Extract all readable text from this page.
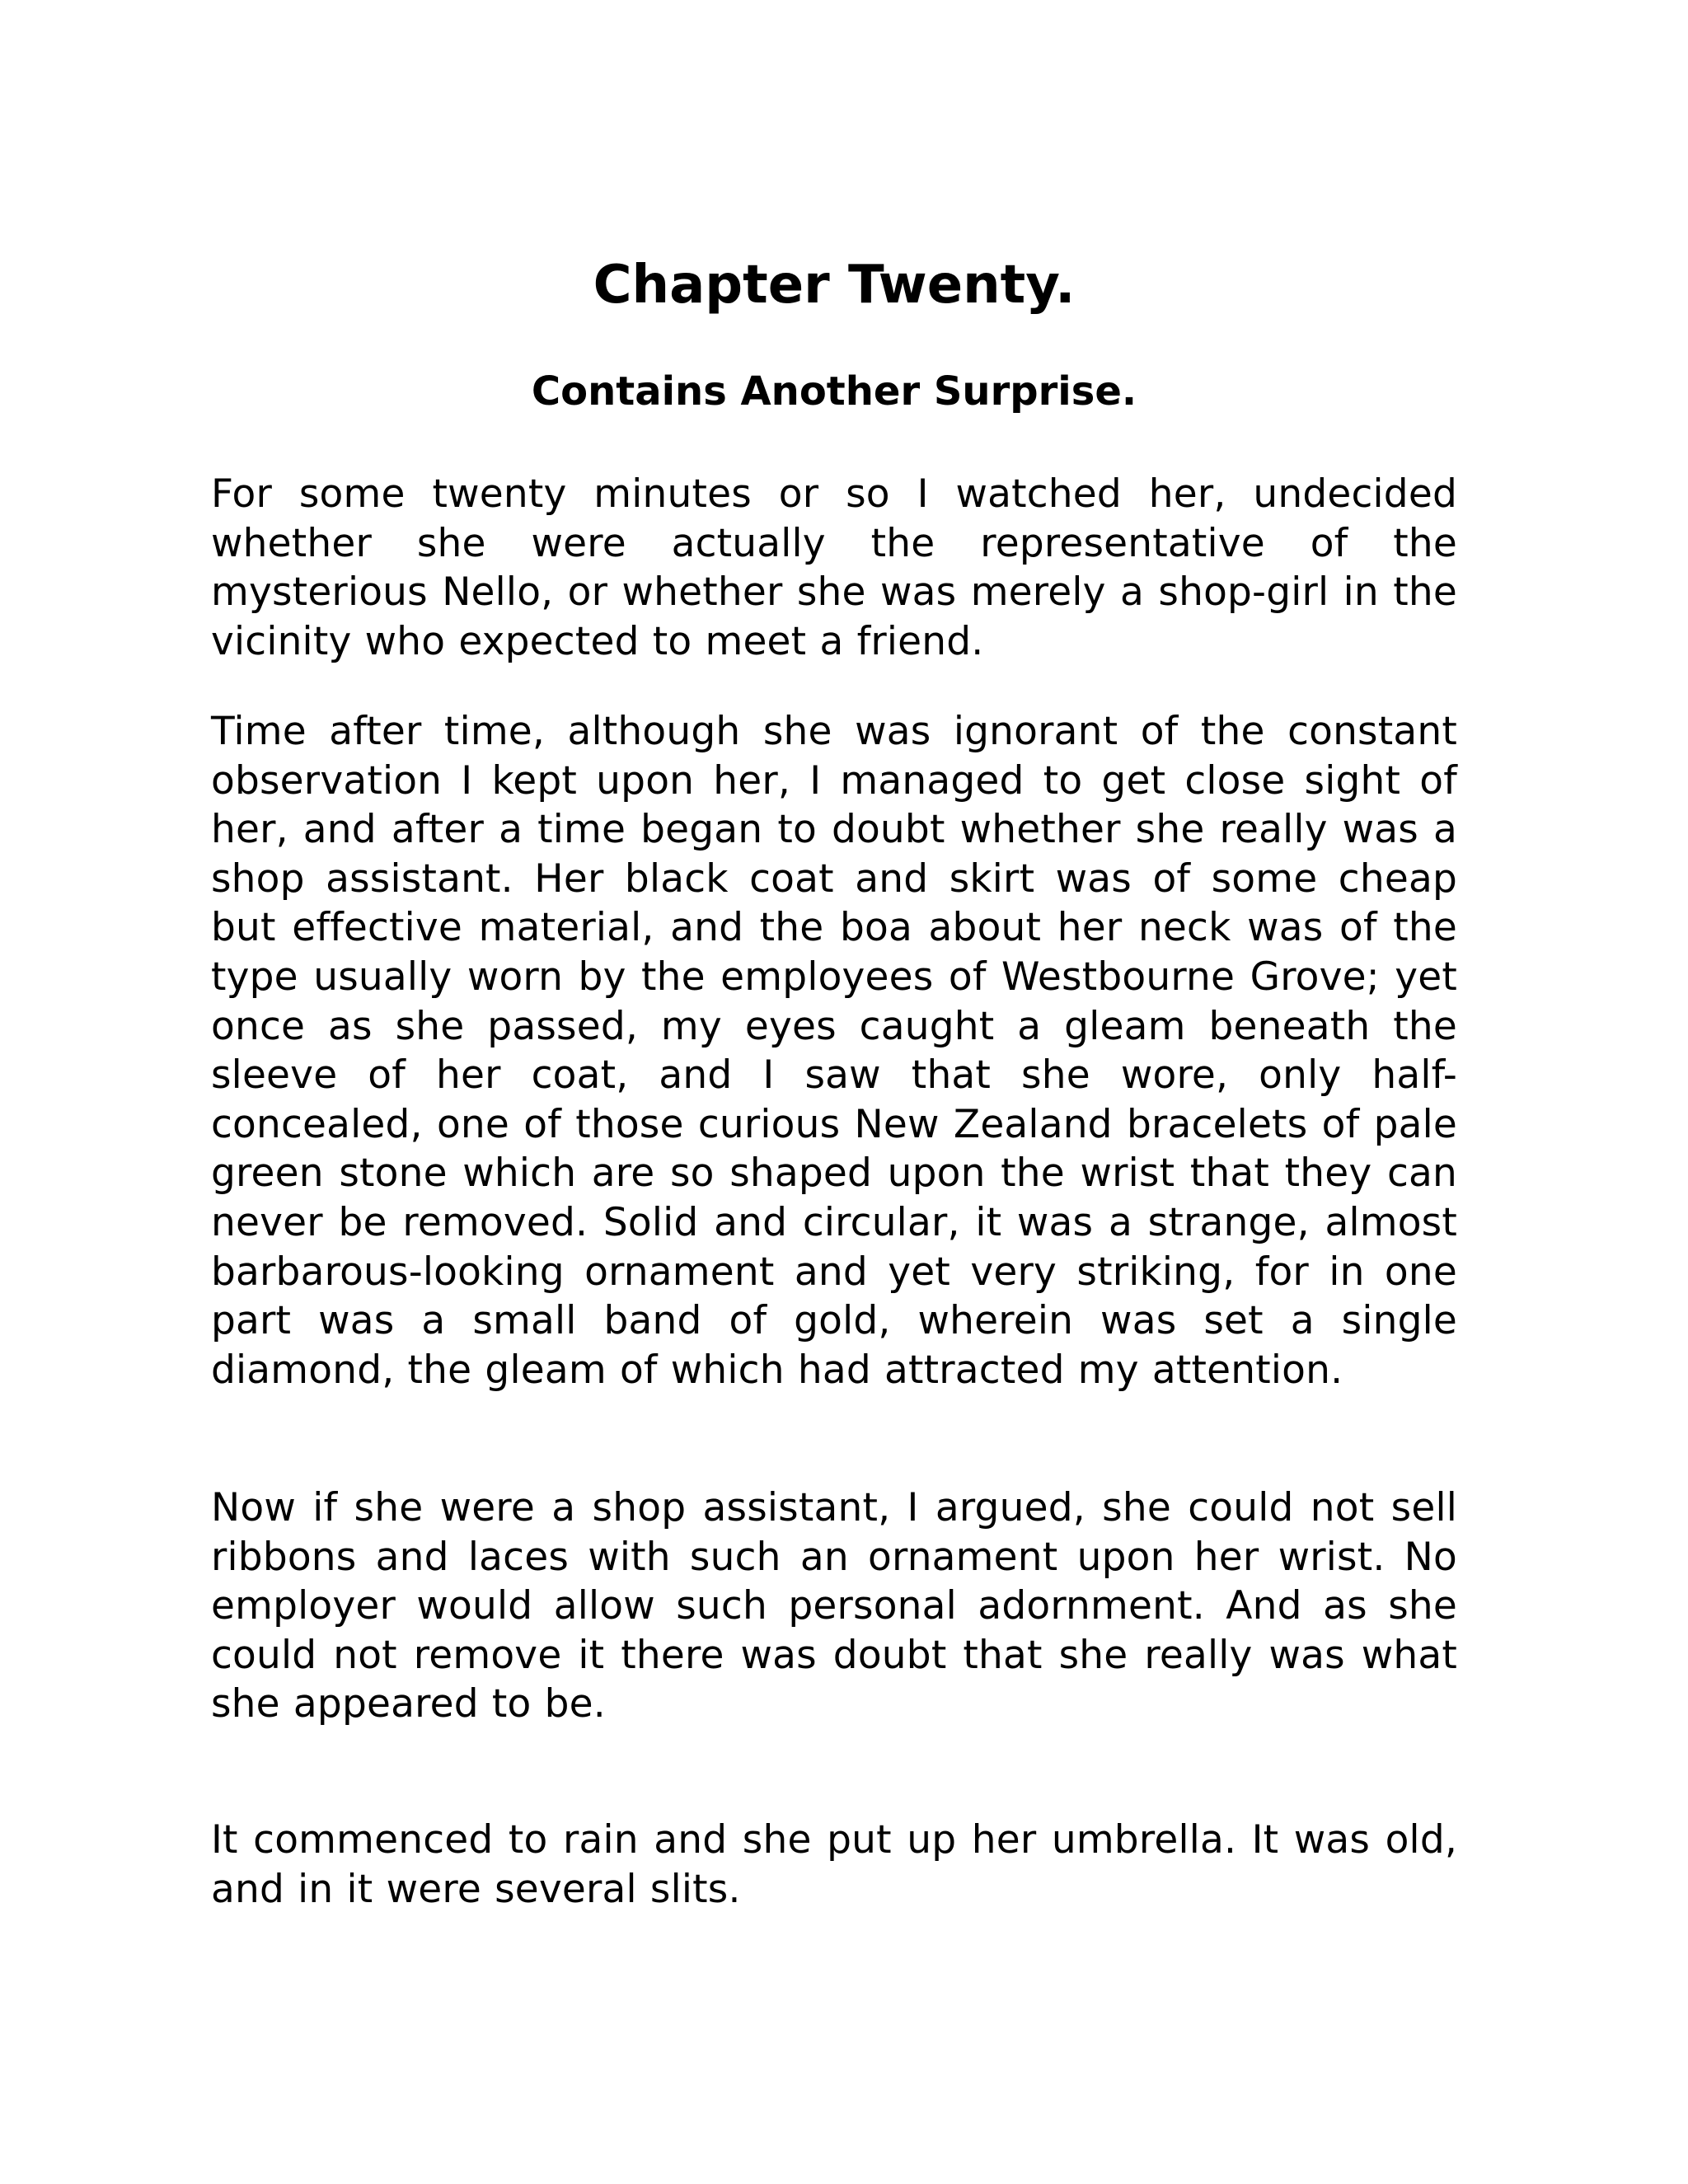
Chapter Twenty.
Contains Another Surprise.

For some twenty minutes or so I watched her, undecided whether she were actually the representative of the mysterious Nello, or whether she was merely a shop-girl in the vicinity who expected to meet a friend.

Time after time, although she was ignorant of the constant observation I kept upon her, I managed to get close sight of her, and after a time began to doubt whether she really was a shop assistant. Her black coat and skirt was of some cheap but effective material, and the boa about her neck was of the type usually worn by the employees of Westbourne Grove; yet once as she passed, my eyes caught a gleam beneath the sleeve of her coat, and I saw that she wore, only half-concealed, one of those curious New Zealand bracelets of pale green stone which are so shaped upon the wrist that they can never be removed. Solid and circular, it was a strange, almost barbarous-looking ornament and yet very striking, for in one part was a small band of gold, wherein was set a single diamond, the gleam of which had attracted my attention.

Now if she were a shop assistant, I argued, she could not sell ribbons and laces with such an ornament upon her wrist. No employer would allow such personal adornment. And as she could not remove it there was doubt that she really was what she appeared to be.

It commenced to rain and she put up her umbrella. It was old, and in it were several slits.
